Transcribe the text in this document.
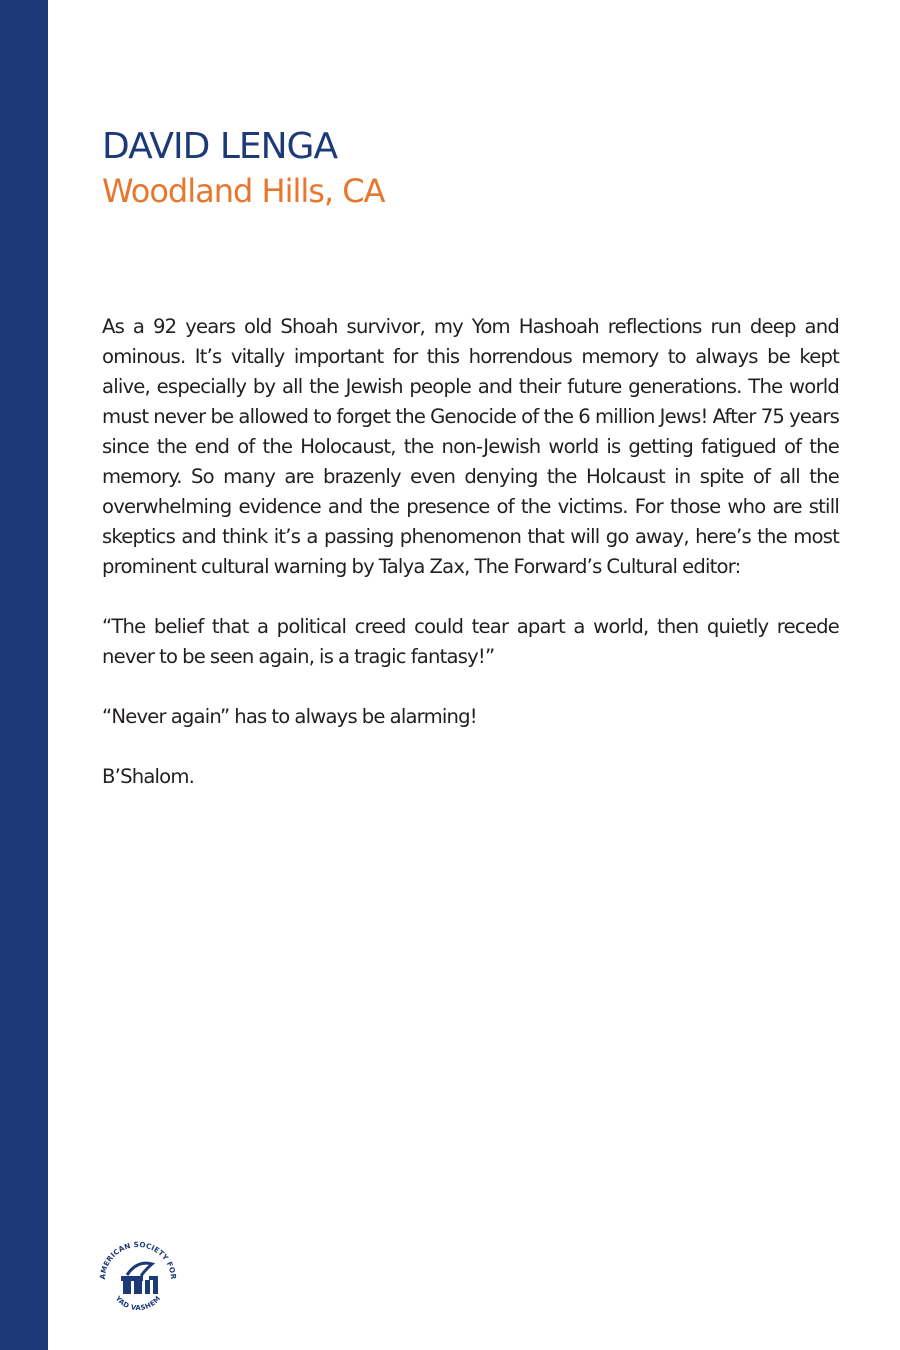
DAVID LENGA
Woodland Hills, CA

As a 92 years old Shoah survivor, my Yom Hashoah reflections run deep and ominous. It’s vitally important for this horrendous memory to always be kept alive, especially by all the Jewish people and their future generations. The world must never be allowed to forget the Genocide of the 6 million Jews! After 75 years since the end of the Holocaust, the non-Jewish world is getting fatigued of the memory. So many are brazenly even denying the Holcaust in spite of all the overwhelming evidence and the presence of the victims. For those who are still skeptics and think it’s a passing phenomenon that will go away, here’s the most prominent cultural warning by Talya Zax, The Forward’s Cultural editor:

“The belief that a political creed could tear apart a world, then quietly recede never to be seen again, is a tragic fantasy!”

“Never again” has to always be alarming!

B’Shalom.

AMERICAN SOCIETY FOR
YAD VASHEM
